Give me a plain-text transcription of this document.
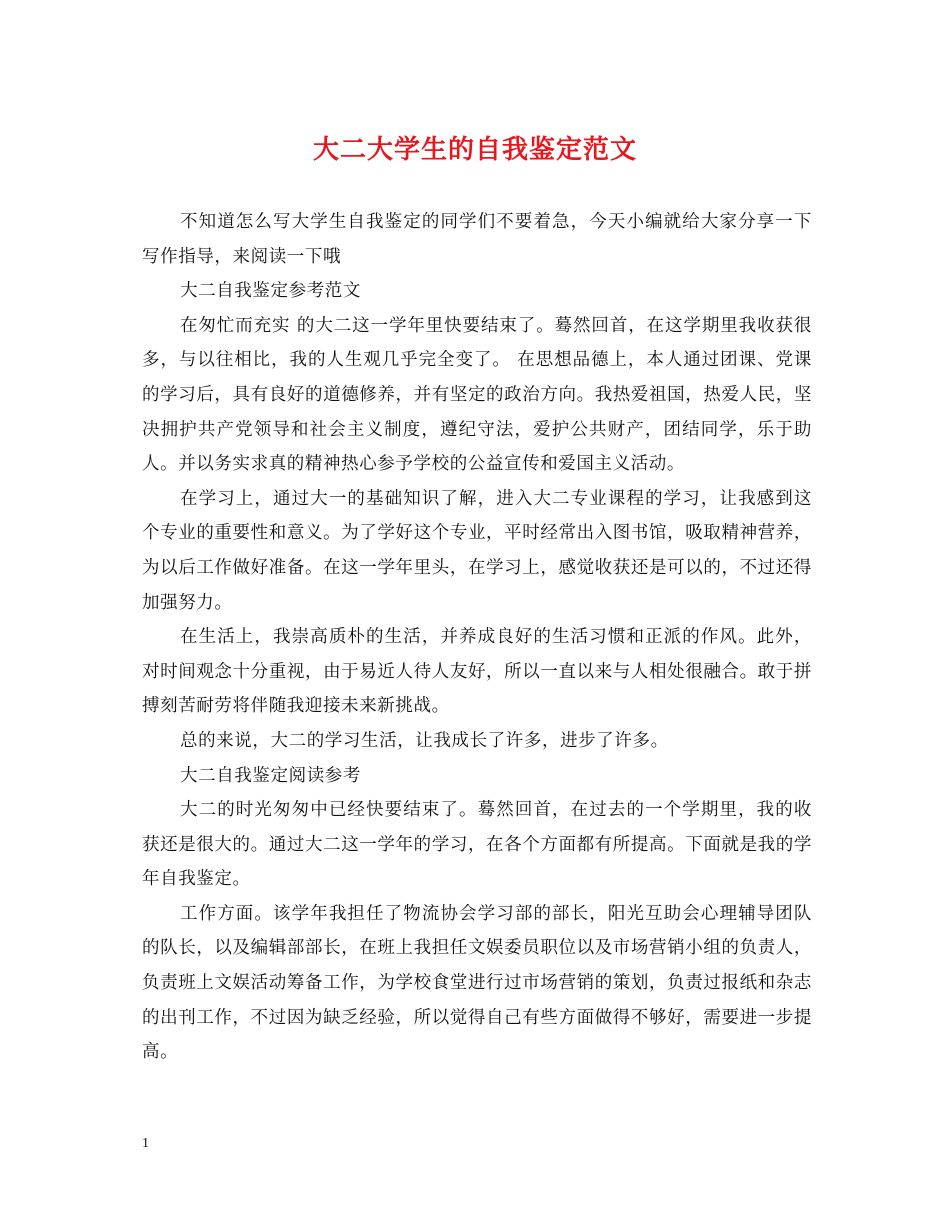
大二大学生的自我鉴定范文

不知道怎么写大学生自我鉴定的同学们不要着急，今天小编就给大家分享一下写作指导，来阅读一下哦

大二自我鉴定参考范文

在匆忙而充实 的大二这一学年里快要结束了。蓦然回首，在这学期里我收获很多，与以往相比，我的人生观几乎完全变了。 在思想品德上，本人通过团课、党课的学习后，具有良好的道德修养，并有坚定的政治方向。我热爱祖国，热爱人民，坚决拥护共产党领导和社会主义制度，遵纪守法，爱护公共财产，团结同学，乐于助人。并以务实求真的精神热心参予学校的公益宣传和爱国主义活动。

在学习上，通过大一的基础知识了解，进入大二专业课程的学习，让我感到这个专业的重要性和意义。为了学好这个专业，平时经常出入图书馆，吸取精神营养，为以后工作做好准备。在这一学年里头，在学习上，感觉收获还是可以的，不过还得加强努力。

在生活上，我崇高质朴的生活，并养成良好的生活习惯和正派的作风。此外，对时间观念十分重视，由于易近人待人友好，所以一直以来与人相处很融合。敢于拼搏刻苦耐劳将伴随我迎接未来新挑战。

总的来说，大二的学习生活，让我成长了许多，进步了许多。

大二自我鉴定阅读参考

大二的时光匆匆中已经快要结束了。蓦然回首，在过去的一个学期里，我的收获还是很大的。通过大二这一学年的学习，在各个方面都有所提高。下面就是我的学年自我鉴定。

工作方面。该学年我担任了物流协会学习部的部长，阳光互助会心理辅导团队的队长，以及编辑部部长，在班上我担任文娱委员职位以及市场营销小组的负责人，负责班上文娱活动筹备工作，为学校食堂进行过市场营销的策划，负责过报纸和杂志的出刊工作，不过因为缺乏经验，所以觉得自己有些方面做得不够好，需要进一步提高。

1
